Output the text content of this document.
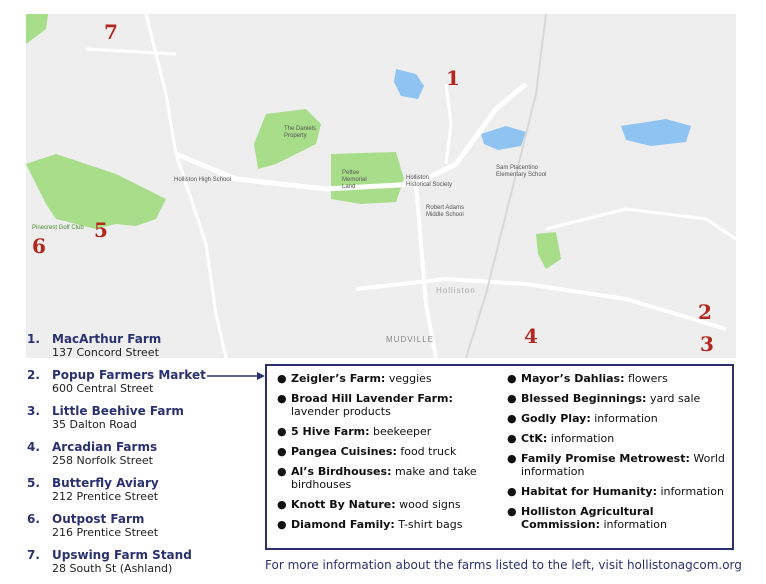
The Daniels Property
Pettee Memorial Land
Holliston High School	Holliston Historical Society
Sam Placentino Elementary School
Robert Adams Middle School
Pinecrest Golf Club
Holliston
MUDVILLE
1
2
3
4
5
6
7
1. MacArthur Farm
137 Concord Street
2. Popup Farmers Market
600 Central Street
3. Little Beehive Farm
35 Dalton Road
4. Arcadian Farms
258 Norfolk Street
5. Butterfly Aviary
212 Prentice Street
6. Outpost Farm
216 Prentice Street
7. Upswing Farm Stand
28 South St (Ashland)
● Zeigler’s Farm: veggies
● Broad Hill Lavender Farm: lavender products
● 5 Hive Farm: beekeeper
● Pangea Cuisines: food truck
● Al’s Birdhouses: make and take birdhouses
● Knott By Nature: wood signs
● Diamond Family: T-shirt bags
● Mayor’s Dahlias: flowers
● Blessed Beginnings: yard sale
● Godly Play: information
● CtK: information
● Family Promise Metrowest: World information
● Habitat for Humanity: information
● Holliston Agricultural Commission: information
For more information about the farms listed to the left, visit hollistonagcom.org
